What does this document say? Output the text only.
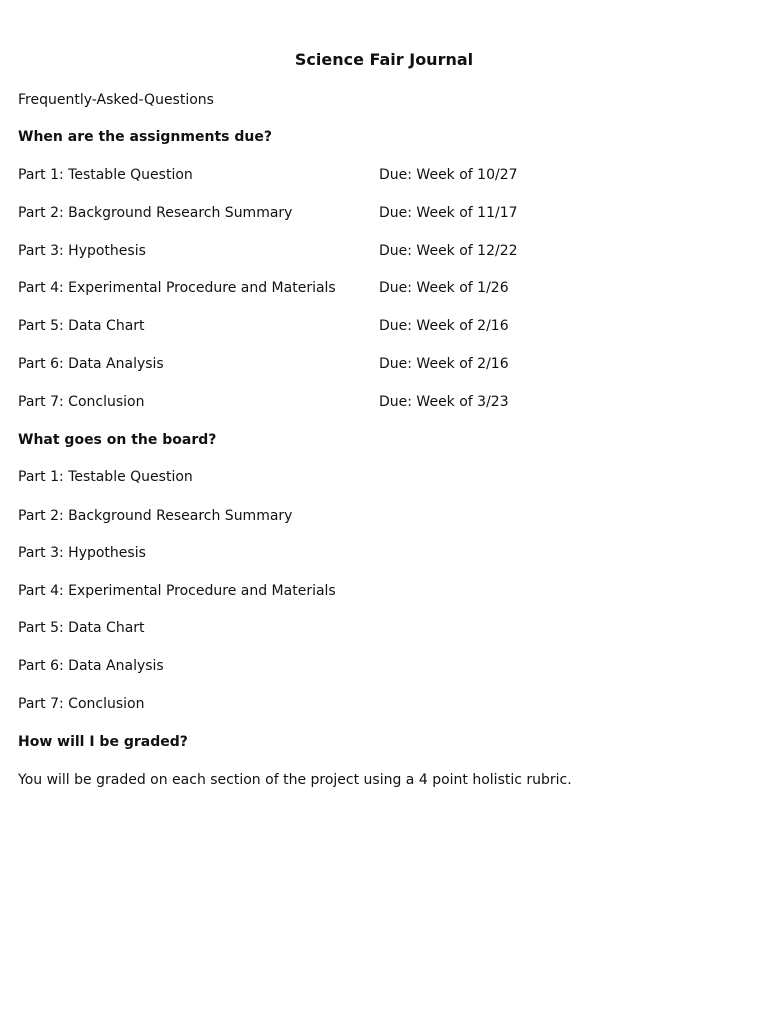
Science Fair Journal
Frequently-Asked-Questions
When are the assignments due?
Part 1: Testable Question	Due: Week of 10/27
Part 2: Background Research Summary	Due: Week of 11/17
Part 3: Hypothesis	Due: Week of 12/22
Part 4: Experimental Procedure and Materials	Due: Week of 1/26
Part 5: Data Chart	Due: Week of 2/16
Part 6: Data Analysis	Due: Week of 2/16
Part 7: Conclusion	Due: Week of 3/23
What goes on the board?
Part 1: Testable Question
Part 2: Background Research Summary
Part 3: Hypothesis
Part 4: Experimental Procedure and Materials
Part 5: Data Chart
Part 6: Data Analysis
Part 7: Conclusion
How will I be graded?
You will be graded on each section of the project using a 4 point holistic rubric.
